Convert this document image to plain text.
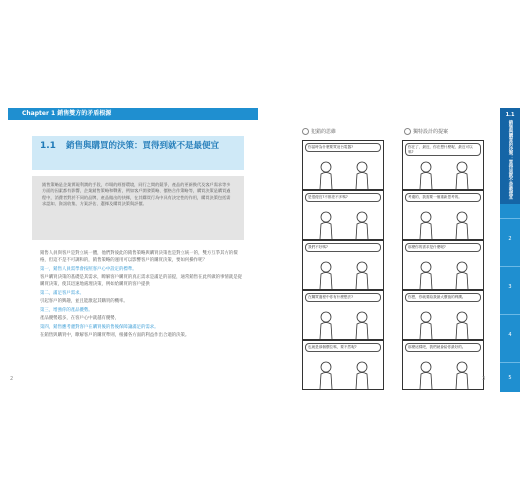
Chapter 1 銷售雙方的矛盾根源
1.1 銷售與購買的決策：買得到就不是最便宜
銷售策略是企業實現利潤的手段，市場的經營環境，同行之間的競爭，產品的更新換代及客戶需求等多方面的因素都有影響，企業銷售策略和戰術，例如客戶開發策略、價格合作策略等，購買決策是購買過程中，消費者對於不同的品牌，產品做出的抉擇，在其購買行為中具有決定性的作用，購買決策包括需求認知、資訊收集、方案評估、選擇及購買決策與評價。

銷售人員與客戶是對立統一體，他們對彼此的銷售策略與購買決策也是對立統一的，雙方互爭其方的價格，但這不是不可調和的，銷售策略的運用可以影響客戶的購買決策，要如何操作呢？

第一，銷售人員需學會按照客戶心中設定的標準。

客戶購買決策的基礎是其需求，瞭解客戶購買的真正需求是滿足的前提，通常銷售在此所做的事情就是從購買決策，使其迅速地處理決策，例如給購買的客戶提供

第二，滿足客戶需求。

引起客戶的興趣，並且能激起其購買的機率。

第三，增強你的產品優勢。

產品優勢越多，在客戶心中就越有優勢，

第四，銷售應考慮對客戶在購買後的售後保障讓滿足的需求。

在銷售與購買中，瞭解客戶的購買準則，根據各方面的利益作出合適的決策。

2
犯錯的思維	獨特設計的提案
你當時為什麼要買這台電器?
是很便宜?不都差不多嗎?
我們不好嗎?
在購買過程中你有什麼想法?
也就是那個價位嗎，要不然呢?
你在了，最近，你在想什麼呢，最近可以嗎?
考慮的，我需要一個重新思考的。
那麼你的需求是什麼呢?
你想，你就要給我最大價值的利潤。
那麼這樣吧，我們就會給你最好的。
3
1.1
銷售與購買的決策：買得到就不是最便宜
2
3
4
5
